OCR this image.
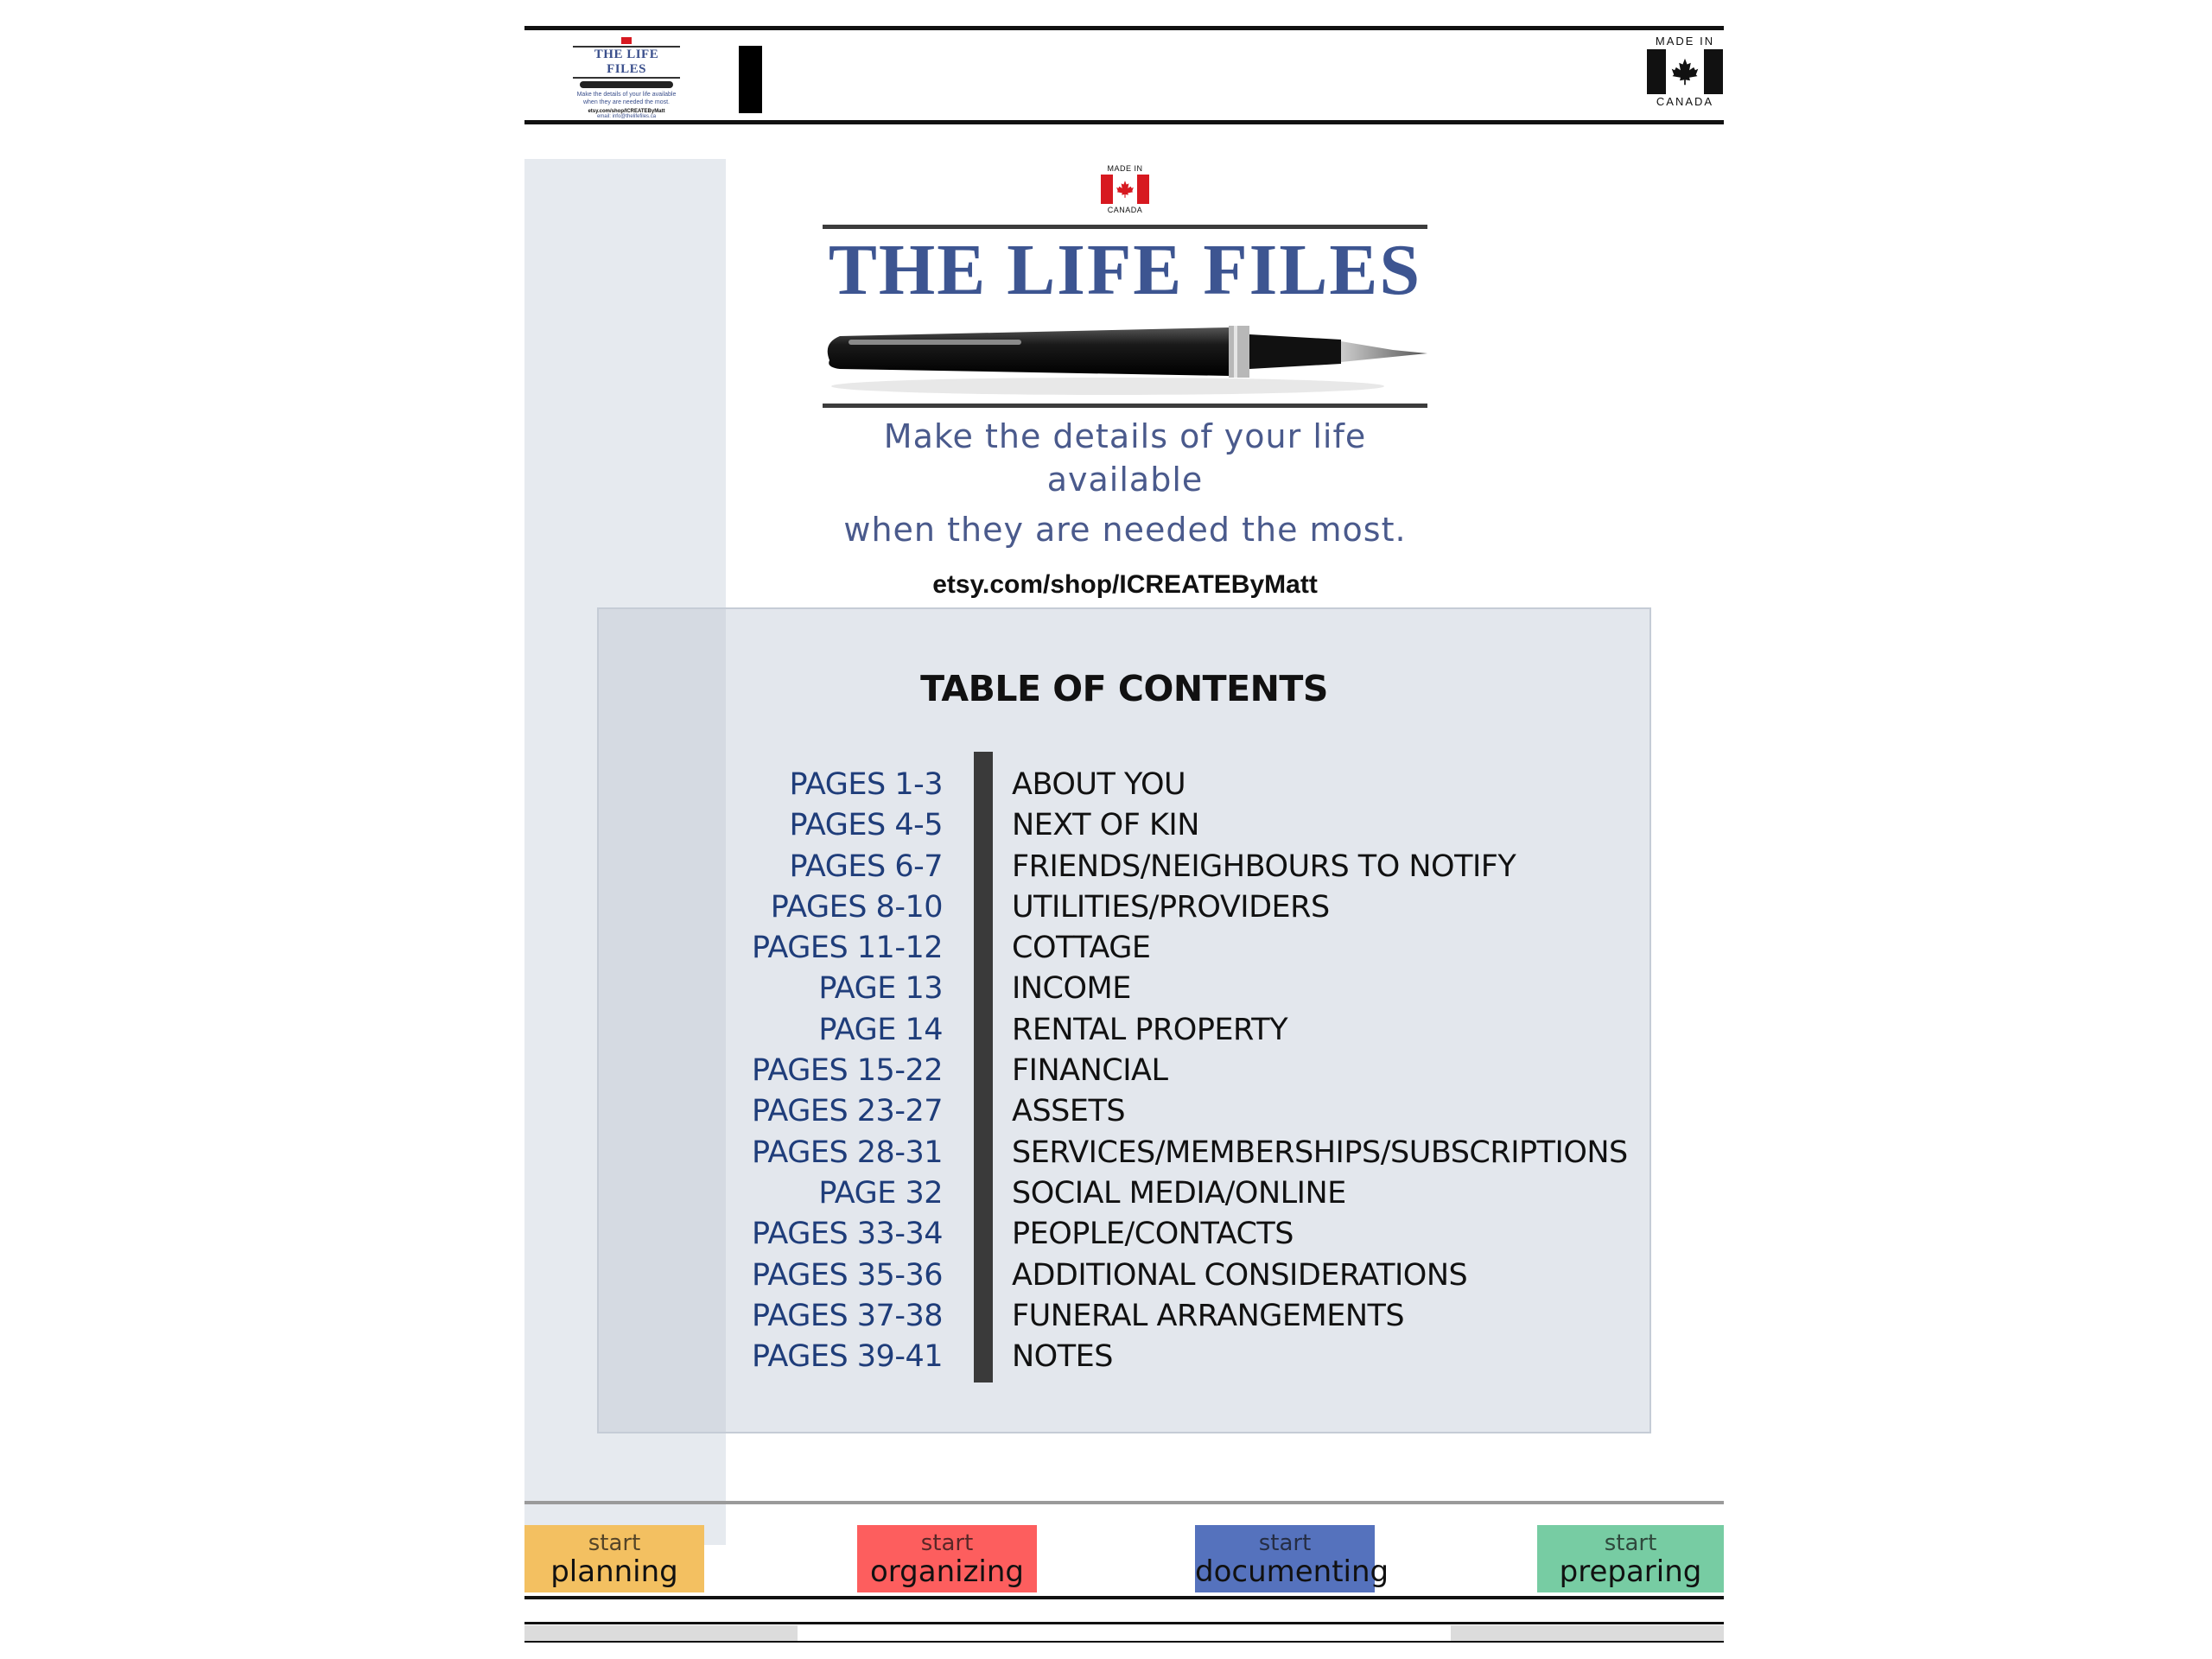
THE LIFE FILES
Make the details of your life available
when they are needed the most.
etsy.com/shop/ICREATEByMatt
email: info@thelifefiles.ca
MADE IN
CANADA
MADE IN
CANADA
THE LIFE FILES
Make the details of your life available
when they are needed the most.
etsy.com/shop/ICREATEByMatt
TABLE OF CONTENTS
PAGES 1-3 ABOUT YOU
PAGES 4-5 NEXT OF KIN
PAGES 6-7 FRIENDS/NEIGHBOURS TO NOTIFY
PAGES 8-10 UTILITIES/PROVIDERS
PAGES 11-12 COTTAGE
PAGE 13 INCOME
PAGE 14 RENTAL PROPERTY
PAGES 15-22 FINANCIAL
PAGES 23-27 ASSETS
PAGES 28-31 SERVICES/MEMBERSHIPS/SUBSCRIPTIONS
PAGE 32 SOCIAL MEDIA/ONLINE
PAGES 33-34 PEOPLE/CONTACTS
PAGES 35-36 ADDITIONAL CONSIDERATIONS
PAGES 37-38 FUNERAL ARRANGEMENTS
PAGES 39-41 NOTES
start
planning
start
organizing
start
documenting
start
preparing
